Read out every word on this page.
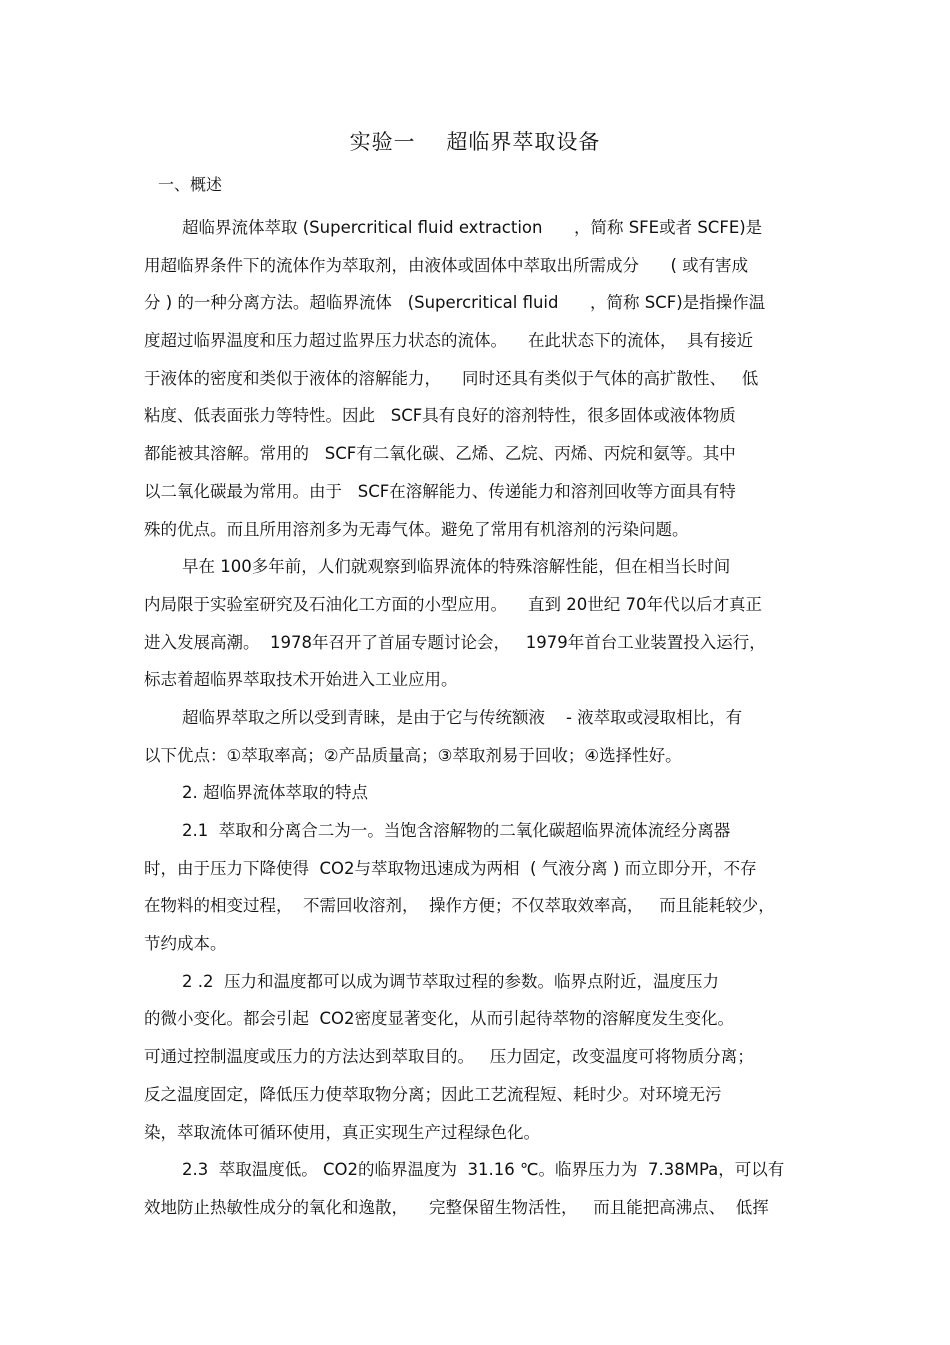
实验一    超临界萃取设备
一、概述
超临界流体萃取 (Supercritical fluid extraction      ，简称 SFE或者 SCFE)是
用超临界条件下的流体作为萃取剂，由液体或固体中萃取出所需成分      ( 或有害成
分 ) 的一种分离方法。超临界流体   (Supercritical fluid      ，简称 SCF)是指操作温
度超过临界温度和压力超过监界压力状态的流体。    在此状态下的流体，  具有接近
于液体的密度和类似于液体的溶解能力，    同时还具有类似于气体的高扩散性、   低
粘度、低表面张力等特性。因此   SCF具有良好的溶剂特性，很多固体或液体物质
都能被其溶解。常用的   SCF有二氧化碳、乙烯、乙烷、丙烯、丙烷和氨等。其中
以二氧化碳最为常用。由于   SCF在溶解能力、传递能力和溶剂回收等方面具有特
殊的优点。而且所用溶剂多为无毒气体。避免了常用有机溶剂的污染问题。
早在 100多年前，人们就观察到临界流体的特殊溶解性能，但在相当长时间
内局限于实验室研究及石油化工方面的小型应用。    直到 20世纪 70年代以后才真正
进入发展高潮。  1978年召开了首届专题讨论会，   1979年首台工业装置投入运行，
标志着超临界萃取技术开始进入工业应用。
超临界萃取之所以受到青睐，是由于它与传统额液    - 液萃取或浸取相比，有
以下优点：①萃取率高；②产品质量高；③萃取剂易于回收；④选择性好。
2. 超临界流体萃取的特点
2.1  萃取和分离合二为一。当饱含溶解物的二氧化碳超临界流体流经分离器
时，由于压力下降使得  CO2与萃取物迅速成为两相  ( 气液分离 ) 而立即分开，不存
在物料的相变过程，  不需回收溶剂，  操作方便；不仅萃取效率高，   而且能耗较少，
节约成本。
2 .2  压力和温度都可以成为调节萃取过程的参数。临界点附近，温度压力
的微小变化。都会引起  CO2密度显著变化，从而引起待萃物的溶解度发生变化。
可通过控制温度或压力的方法达到萃取目的。   压力固定，改变温度可将物质分离；
反之温度固定，降低压力使萃取物分离；因此工艺流程短、耗时少。对环境无污
染，萃取流体可循环使用，真正实现生产过程绿色化。
2.3  萃取温度低。 CO2的临界温度为  31.16 ℃。临界压力为  7.38MPa，可以有
效地防止热敏性成分的氧化和逸散，    完整保留生物活性，   而且能把高沸点、  低挥
